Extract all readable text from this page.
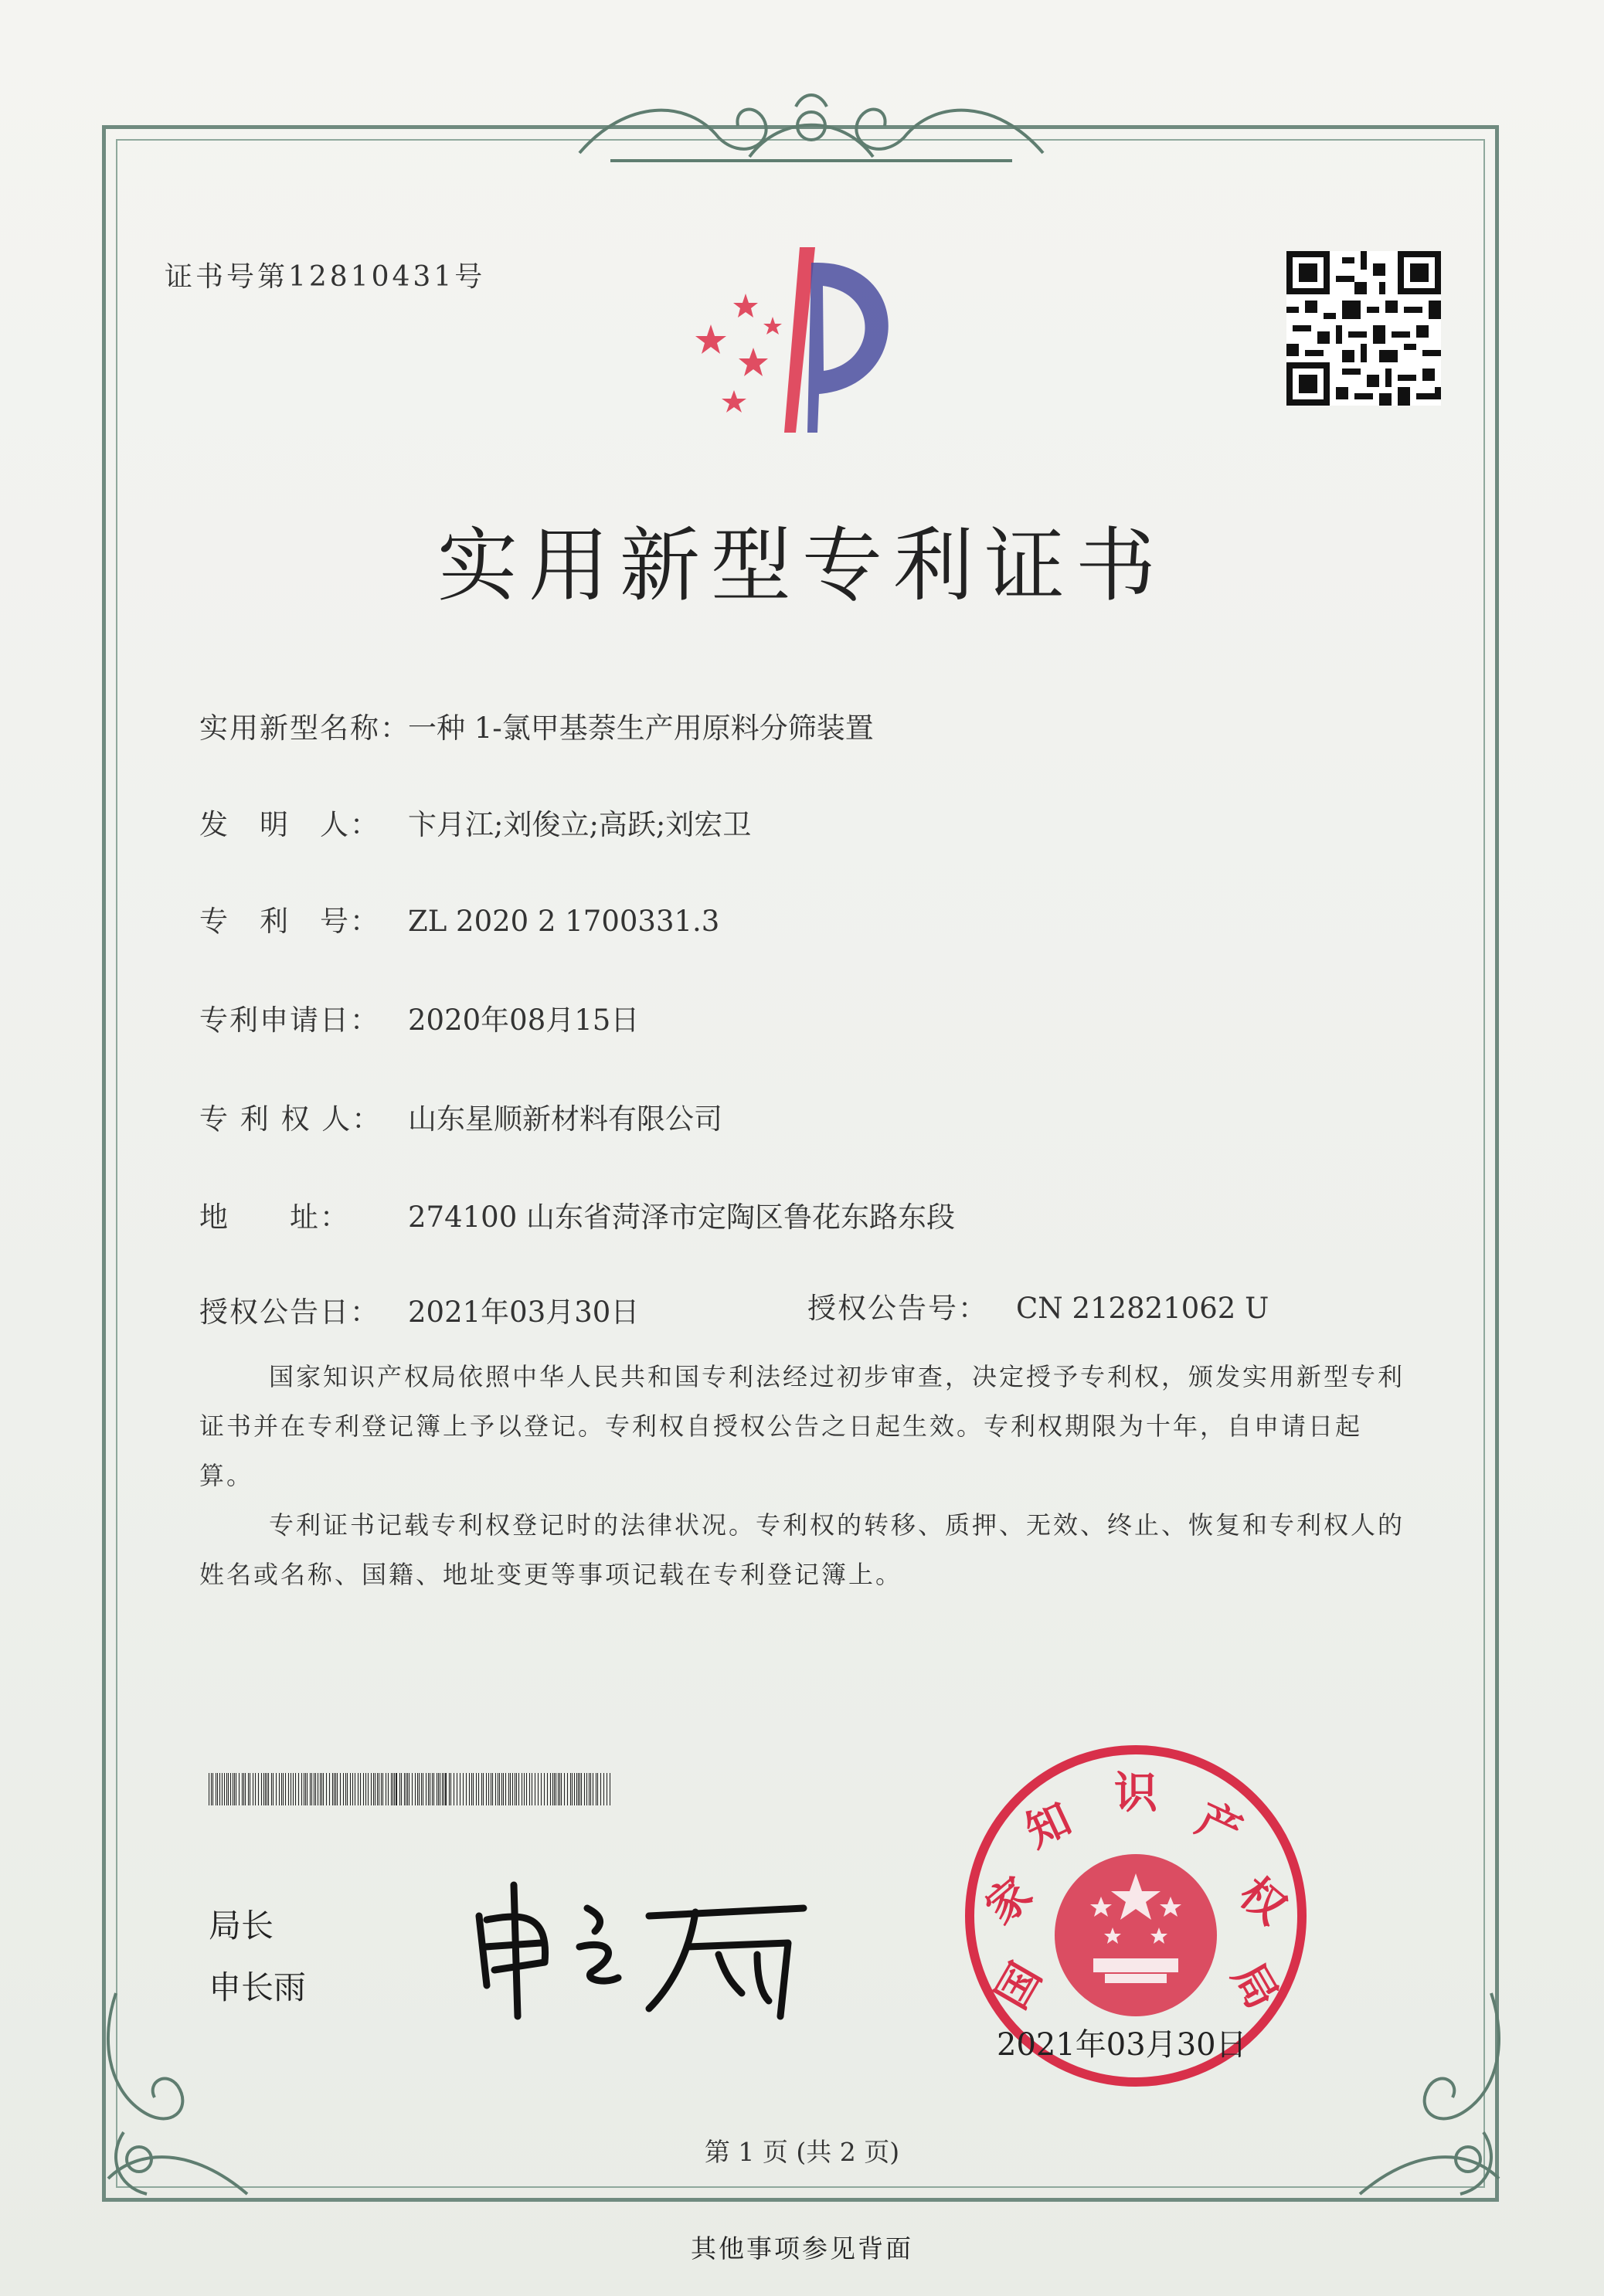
证书号第12810431号
实用新型专利证书
实用新型名称：一种 1-氯甲基萘生产用原料分筛装置
发　明　人： 卞月江;刘俊立;高跃;刘宏卫
专　利　号： ZL 2020 2 1700331.3
专利申请日： 2020年08月15日
专 利 权 人： 山东星顺新材料有限公司
地　　址： 274100 山东省菏泽市定陶区鲁花东路东段
授权公告日： 2021年03月30日	授权公告号： CN 212821062 U
国家知识产权局依照中华人民共和国专利法经过初步审查，决定授予专利权，颁发实用新型专利证书并在专利登记簿上予以登记。专利权自授权公告之日起生效。专利权期限为十年，自申请日起算。
专利证书记载专利权登记时的法律状况。专利权的转移、质押、无效、终止、恢复和专利权人的姓名或名称、国籍、地址变更等事项记载在专利登记簿上。
局长
申长雨	国
家
知
识
产
权
局
2021年03月30日
第 1 页 (共 2 页)
其他事项参见背面
